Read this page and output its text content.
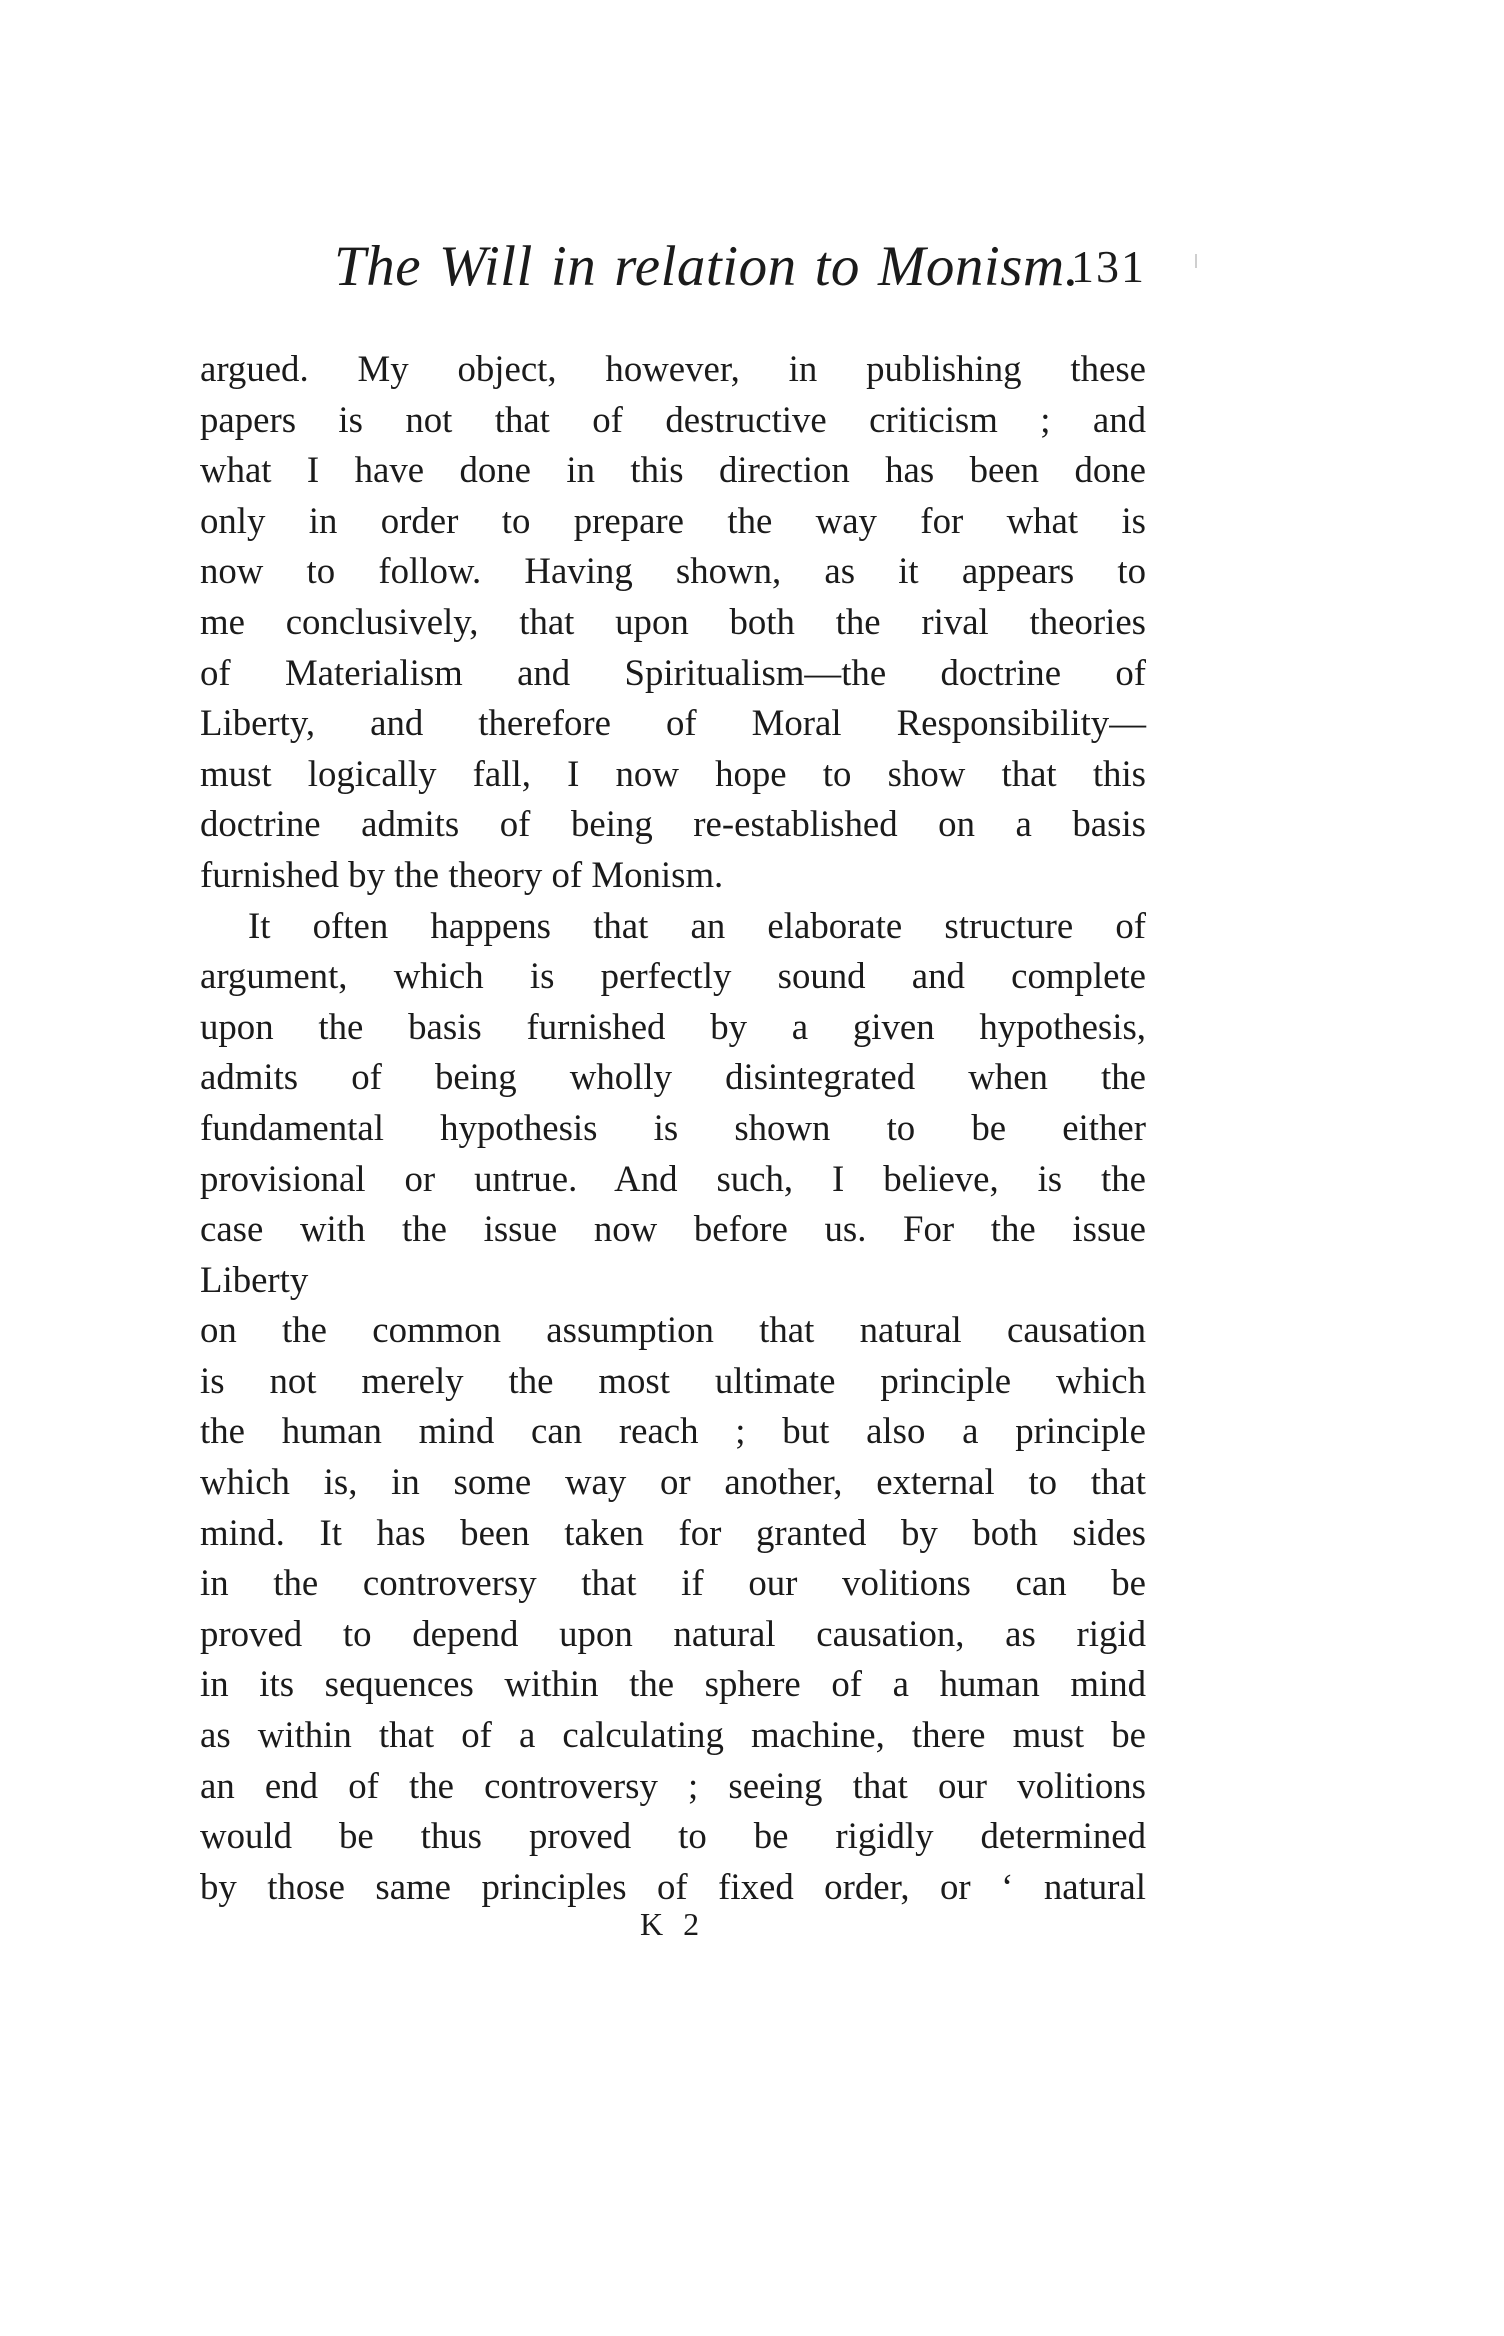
The Will in relation to Monism.
131
argued. My object, however, in publishing these
papers is not that of destructive criticism ; and
what I have done in this direction has been done
only in order to prepare the way for what is
now to follow. Having shown, as it appears to
me conclusively, that upon both the rival theories
of Materialism and Spiritualism—the doctrine of
Liberty, and therefore of Moral Responsibility—
must logically fall, I now hope to show that this
doctrine admits of being re-established on a basis
furnished by the theory of Monism.
It often happens that an elaborate structure of
argument, which is perfectly sound and complete
upon the basis furnished by a given hypothesis,
admits of being wholly disintegrated when the
fundamental hypothesis is shown to be either
provisional or untrue. And such, I believe, is the
case with the issue now before us. For the issue
Liberty
on the common assumption that natural causation
is not merely the most ultimate principle which
the human mind can reach ; but also a principle
which is, in some way or another, external to that
mind. It has been taken for granted by both sides
in the controversy that if our volitions can be
proved to depend upon natural causation, as rigid
in its sequences within the sphere of a human mind
as within that of a calculating machine, there must be
an end of the controversy ; seeing that our volitions
would be thus proved to be rigidly determined
by those same principles of fixed order, or ‘ natural
K 2
